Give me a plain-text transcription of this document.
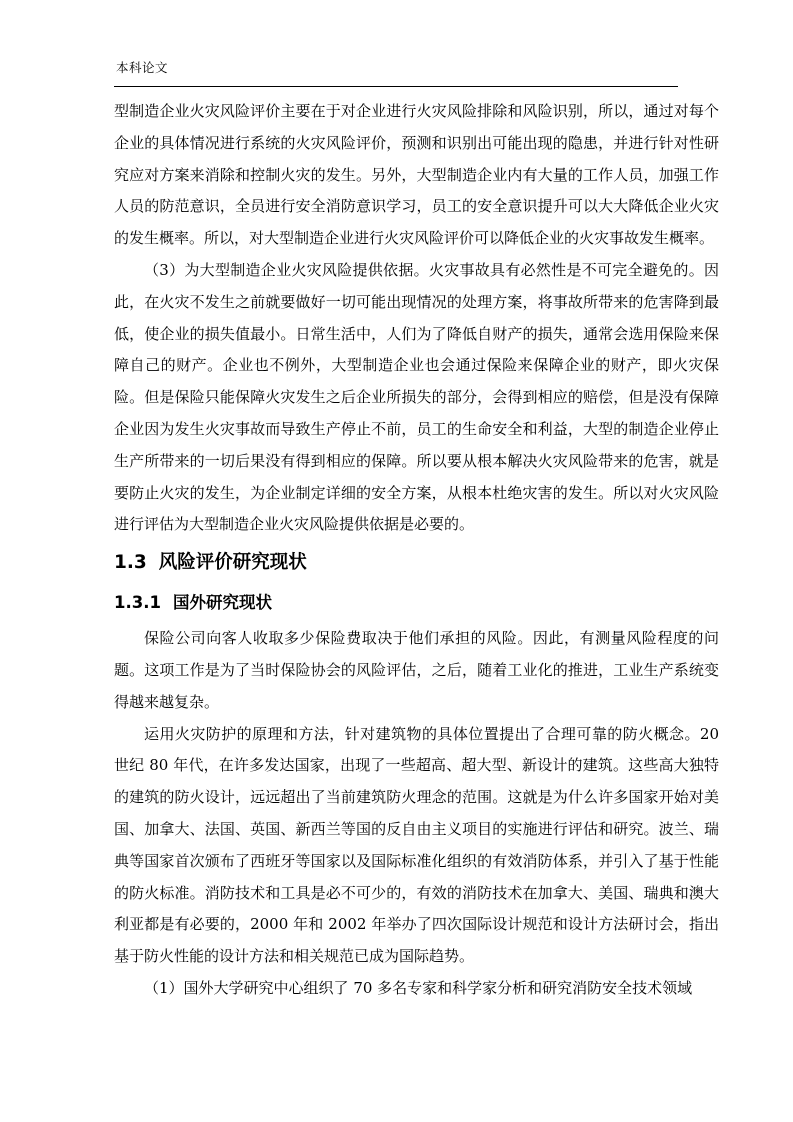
本科论文

型制造企业火灾风险评价主要在于对企业进行火灾风险排除和风险识别，所以，通过对每个企业的具体情况进行系统的火灾风险评价，预测和识别出可能出现的隐患，并进行针对性研究应对方案来消除和控制火灾的发生。另外，大型制造企业内有大量的工作人员，加强工作人员的防范意识，全员进行安全消防意识学习，员工的安全意识提升可以大大降低企业火灾的发生概率。所以，对大型制造企业进行火灾风险评价可以降低企业的火灾事故发生概率。

（3）为大型制造企业火灾风险提供依据。火灾事故具有必然性是不可完全避免的。因此，在火灾不发生之前就要做好一切可能出现情况的处理方案，将事故所带来的危害降到最低，使企业的损失值最小。日常生活中，人们为了降低自财产的损失，通常会选用保险来保障自己的财产。企业也不例外，大型制造企业也会通过保险来保障企业的财产，即火灾保险。但是保险只能保障火灾发生之后企业所损失的部分，会得到相应的赔偿，但是没有保障企业因为发生火灾事故而导致生产停止不前，员工的生命安全和利益，大型的制造企业停止生产所带来的一切后果没有得到相应的保障。所以要从根本解决火灾风险带来的危害，就是要防止火灾的发生，为企业制定详细的安全方案，从根本杜绝灾害的发生。所以对火灾风险进行评估为大型制造企业火灾风险提供依据是必要的。

1.3 风险评价研究现状
1.3.1 国外研究现状

保险公司向客人收取多少保险费取决于他们承担的风险。因此，有测量风险程度的问题。这项工作是为了当时保险协会的风险评估，之后，随着工业化的推进，工业生产系统变得越来越复杂。

运用火灾防护的原理和方法，针对建筑物的具体位置提出了合理可靠的防火概念。20 世纪 80 年代，在许多发达国家，出现了一些超高、超大型、新设计的建筑。这些高大独特的建筑的防火设计，远远超出了当前建筑防火理念的范围。这就是为什么许多国家开始对美国、加拿大、法国、英国、新西兰等国的反自由主义项目的实施进行评估和研究。波兰、瑞典等国家首次颁布了西班牙等国家以及国际标准化组织的有效消防体系，并引入了基于性能的防火标准。消防技术和工具是必不可少的，有效的消防技术在加拿大、美国、瑞典和澳大利亚都是有必要的，2000 年和 2002 年举办了四次国际设计规范和设计方法研讨会，指出基于防火性能的设计方法和相关规范已成为国际趋势。

（1）国外大学研究中心组织了 70 多名专家和科学家分析和研究消防安全技术领域
